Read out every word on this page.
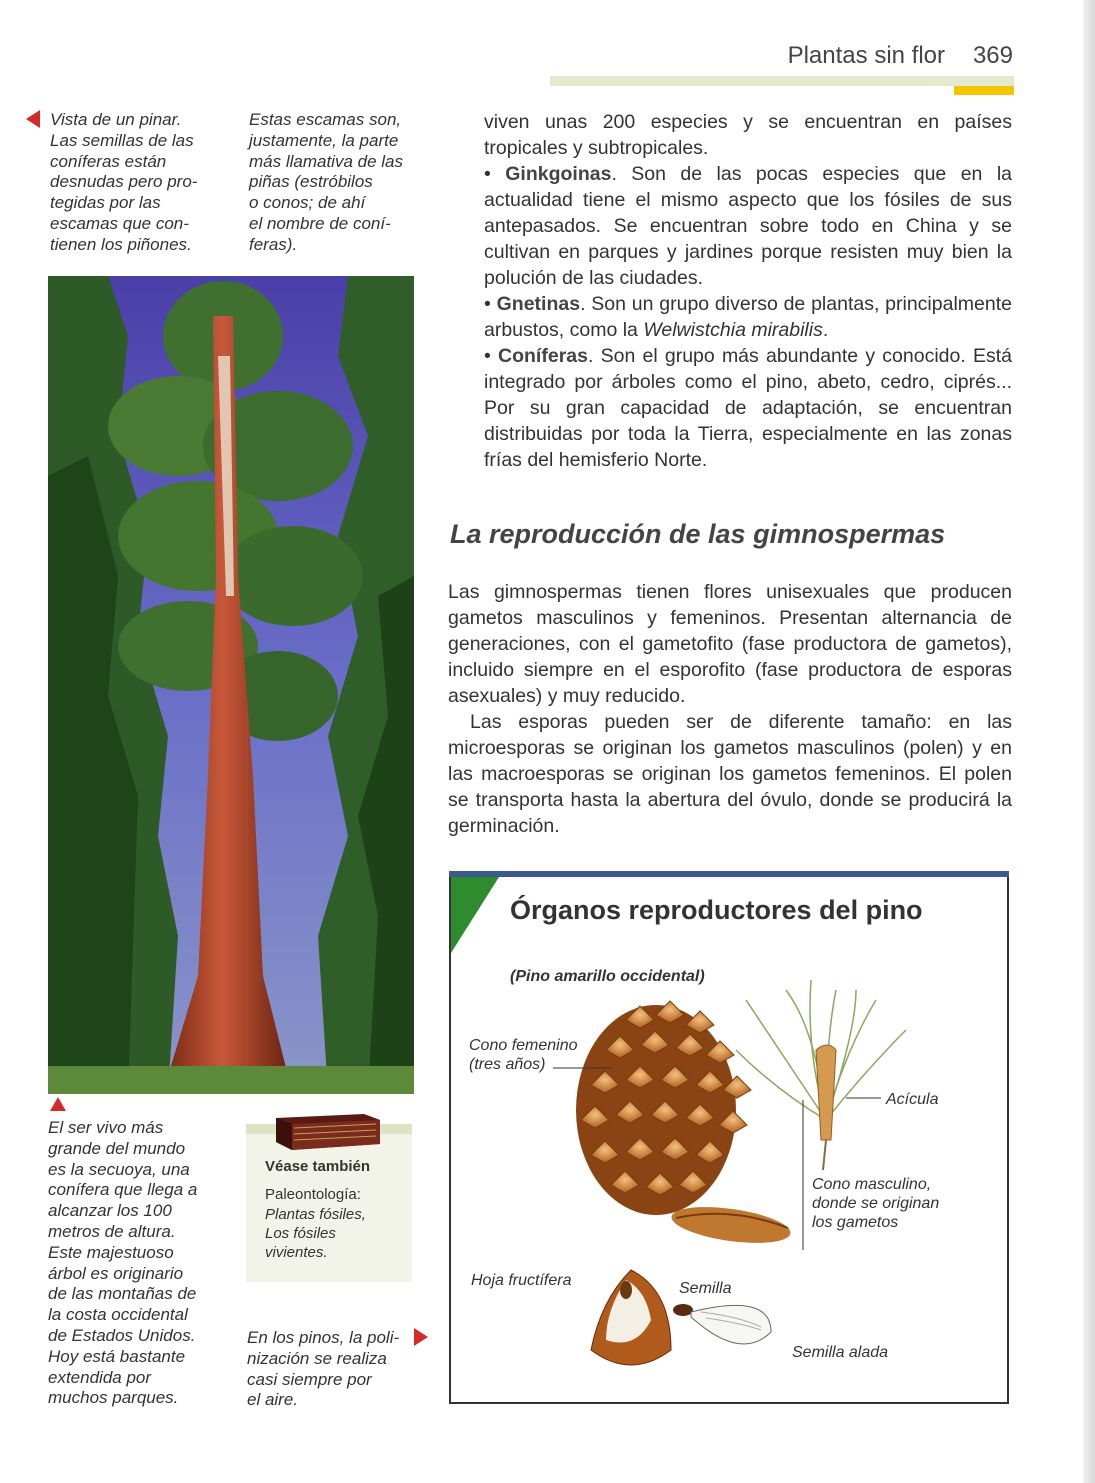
Plantas sin flor 369
Vista de un pinar.
Las semillas de las
coníferas están
desnudas pero pro-
tegidas por las
escamas que con-
tienen los piñones.
Estas escamas son,
justamente, la parte
más llamativa de las
piñas (estróbilos
o conos; de ahí
el nombre de coní-
feras).
El ser vivo más
grande del mundo
es la secuoya, una
conífera que llega a
alcanzar los 100
metros de altura.
Este majestuoso
árbol es originario
de las montañas de
la costa occidental
de Estados Unidos.
Hoy está bastante
extendida por
muchos parques.
Véase también
Paleontología:
Plantas fósiles,
Los fósiles
vivientes.
En los pinos, la poli-
nización se realiza
casi siempre por
el aire.

viven unas 200 especies y se encuentran en países tropicales y subtropicales.

• Ginkgoinas. Son de las pocas especies que en la actualidad tiene el mismo aspecto que los fósiles de sus antepasados. Se encuentran sobre todo en China y se cultivan en parques y jardines porque resisten muy bien la polución de las ciudades.

• Gnetinas. Son un grupo diverso de plantas, principalmente arbustos, como la Welwistchia mirabilis.

• Coníferas. Son el grupo más abundante y conocido. Está integrado por árboles como el pino, abeto, cedro, ciprés... Por su gran capacidad de adaptación, se encuentran distribuidas por toda la Tierra, especialmente en las zonas frías del hemisferio Norte.

La reproducción de las gimnospermas

Las gimnospermas tienen flores unisexuales que producen gametos masculinos y femeninos. Presentan alternancia de generaciones, con el gametofito (fase productora de gametos), incluido siempre en el esporofito (fase productora de esporas asexuales) y muy reducido.

Las esporas pueden ser de diferente tamaño: en las microesporas se originan los gametos masculinos (polen) y en las macroesporas se originan los gametos femeninos. El polen se transporta hasta la abertura del óvulo, donde se producirá la germinación.

Órganos reproductores del pino
(Pino amarillo occidental)
Cono femenino
(tres años)
Acícula
Cono masculino,
donde se originan
los gametos
Hoja fructífera	Semilla
Semilla alada
